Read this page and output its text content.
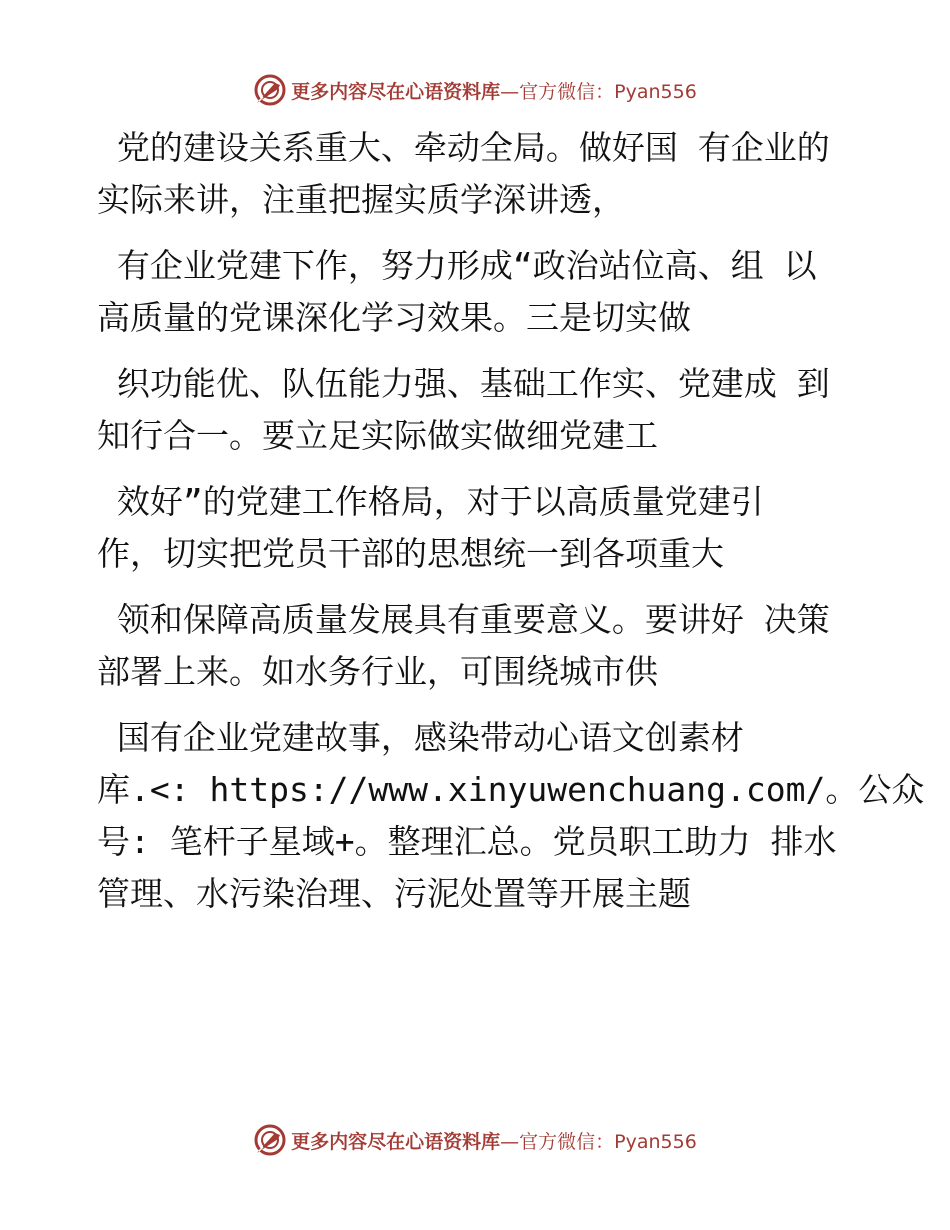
更多内容尽在心语资料库 —官方微信：Pyan556
党的建设关系重大、牵动全局。做好国 有企业的
实际来讲，注重把握实质学深讲透，
有企业党建下作，努力形成“政治站位高、组 以
高质量的党课深化学习效果。三是切实做
织功能优、队伍能力强、基础工作实、党建成 到
知行合一。要立足实际做实做细党建工
效好”的党建工作格局，对于以高质量党建引
作，切实把党员干部的思想统一到各项重大
领和保障高质量发展具有重要意义。要讲好 决策
部署上来。如水务行业，可围绕城市供
国有企业党建故事，感染带动心语文创素材
库.<: https://www.xinyuwenchuang.com/。公众
号: 笔杆子星域+。整理汇总。党员职工助力 排水
管理、水污染治理、污泥处置等开展主题
更多内容尽在心语资料库 —官方微信：Pyan556
